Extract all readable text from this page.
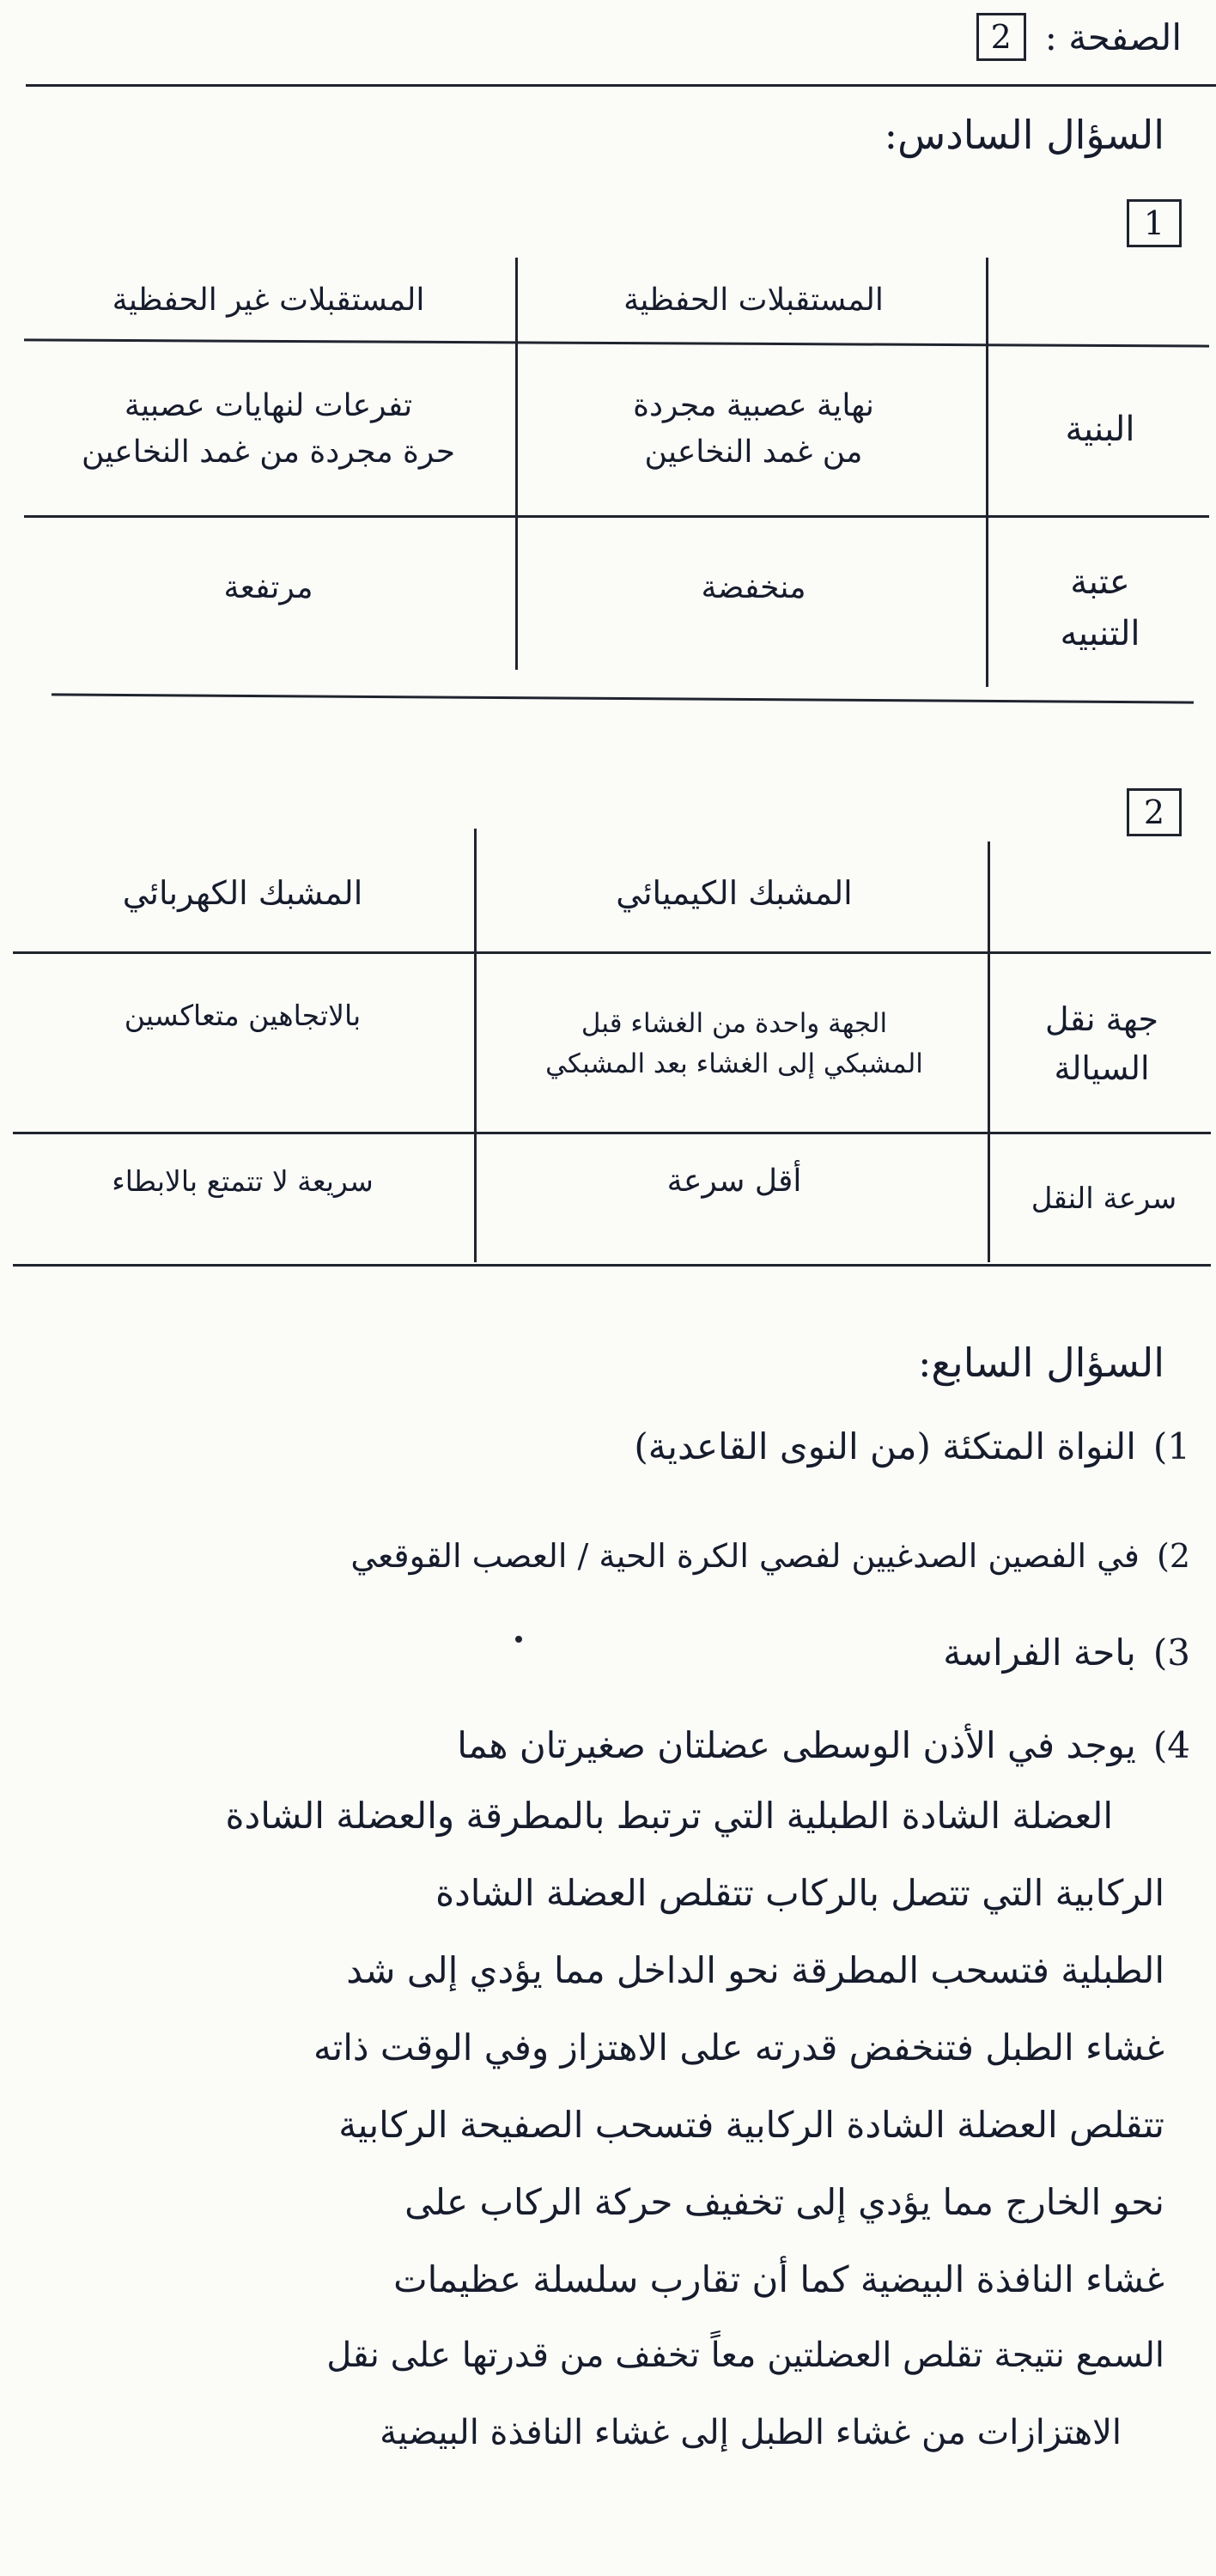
الصفحة :
2
السؤال السادس:
1
المستقبلات الحفظية
المستقبلات غير الحفظية
البنية
نهاية عصبية مجردة
من غمد النخاعين
تفرعات لنهايات عصبية
حرة مجردة من غمد النخاعين
عتبة
التنبيه
منخفضة
مرتفعة
2
المشبك الكيميائي
المشبك الكهربائي
جهة نقل
السيالة
الجهة واحدة من الغشاء قبل
المشبكي إلى الغشاء بعد المشبكي
بالاتجاهين متعاكسين
سرعة النقل
أقل سرعة
سريعة لا تتمتع بالابطاء
السؤال السابع:
1)
النواة المتكئة (من النوى القاعدية)
2)
في الفصين الصدغيين لفصي الكرة الحية / العصب القوقعي
3)
باحة الفراسة
4)
يوجد في الأذن الوسطى عضلتان صغيرتان هما
العضلة الشادة الطبلية التي ترتبط بالمطرقة والعضلة الشادة
الركابية التي تتصل بالركاب تتقلص العضلة الشادة
الطبلية فتسحب المطرقة نحو الداخل مما يؤدي إلى شد
غشاء الطبل فتنخفض قدرته على الاهتزاز وفي الوقت ذاته
تتقلص العضلة الشادة الركابية فتسحب الصفيحة الركابية
نحو الخارج مما يؤدي إلى تخفيف حركة الركاب على
غشاء النافذة البيضية كما أن تقارب سلسلة عظيمات
السمع نتيجة تقلص العضلتين معاً تخفف من قدرتها على نقل
الاهتزازات من غشاء الطبل إلى غشاء النافذة البيضية
